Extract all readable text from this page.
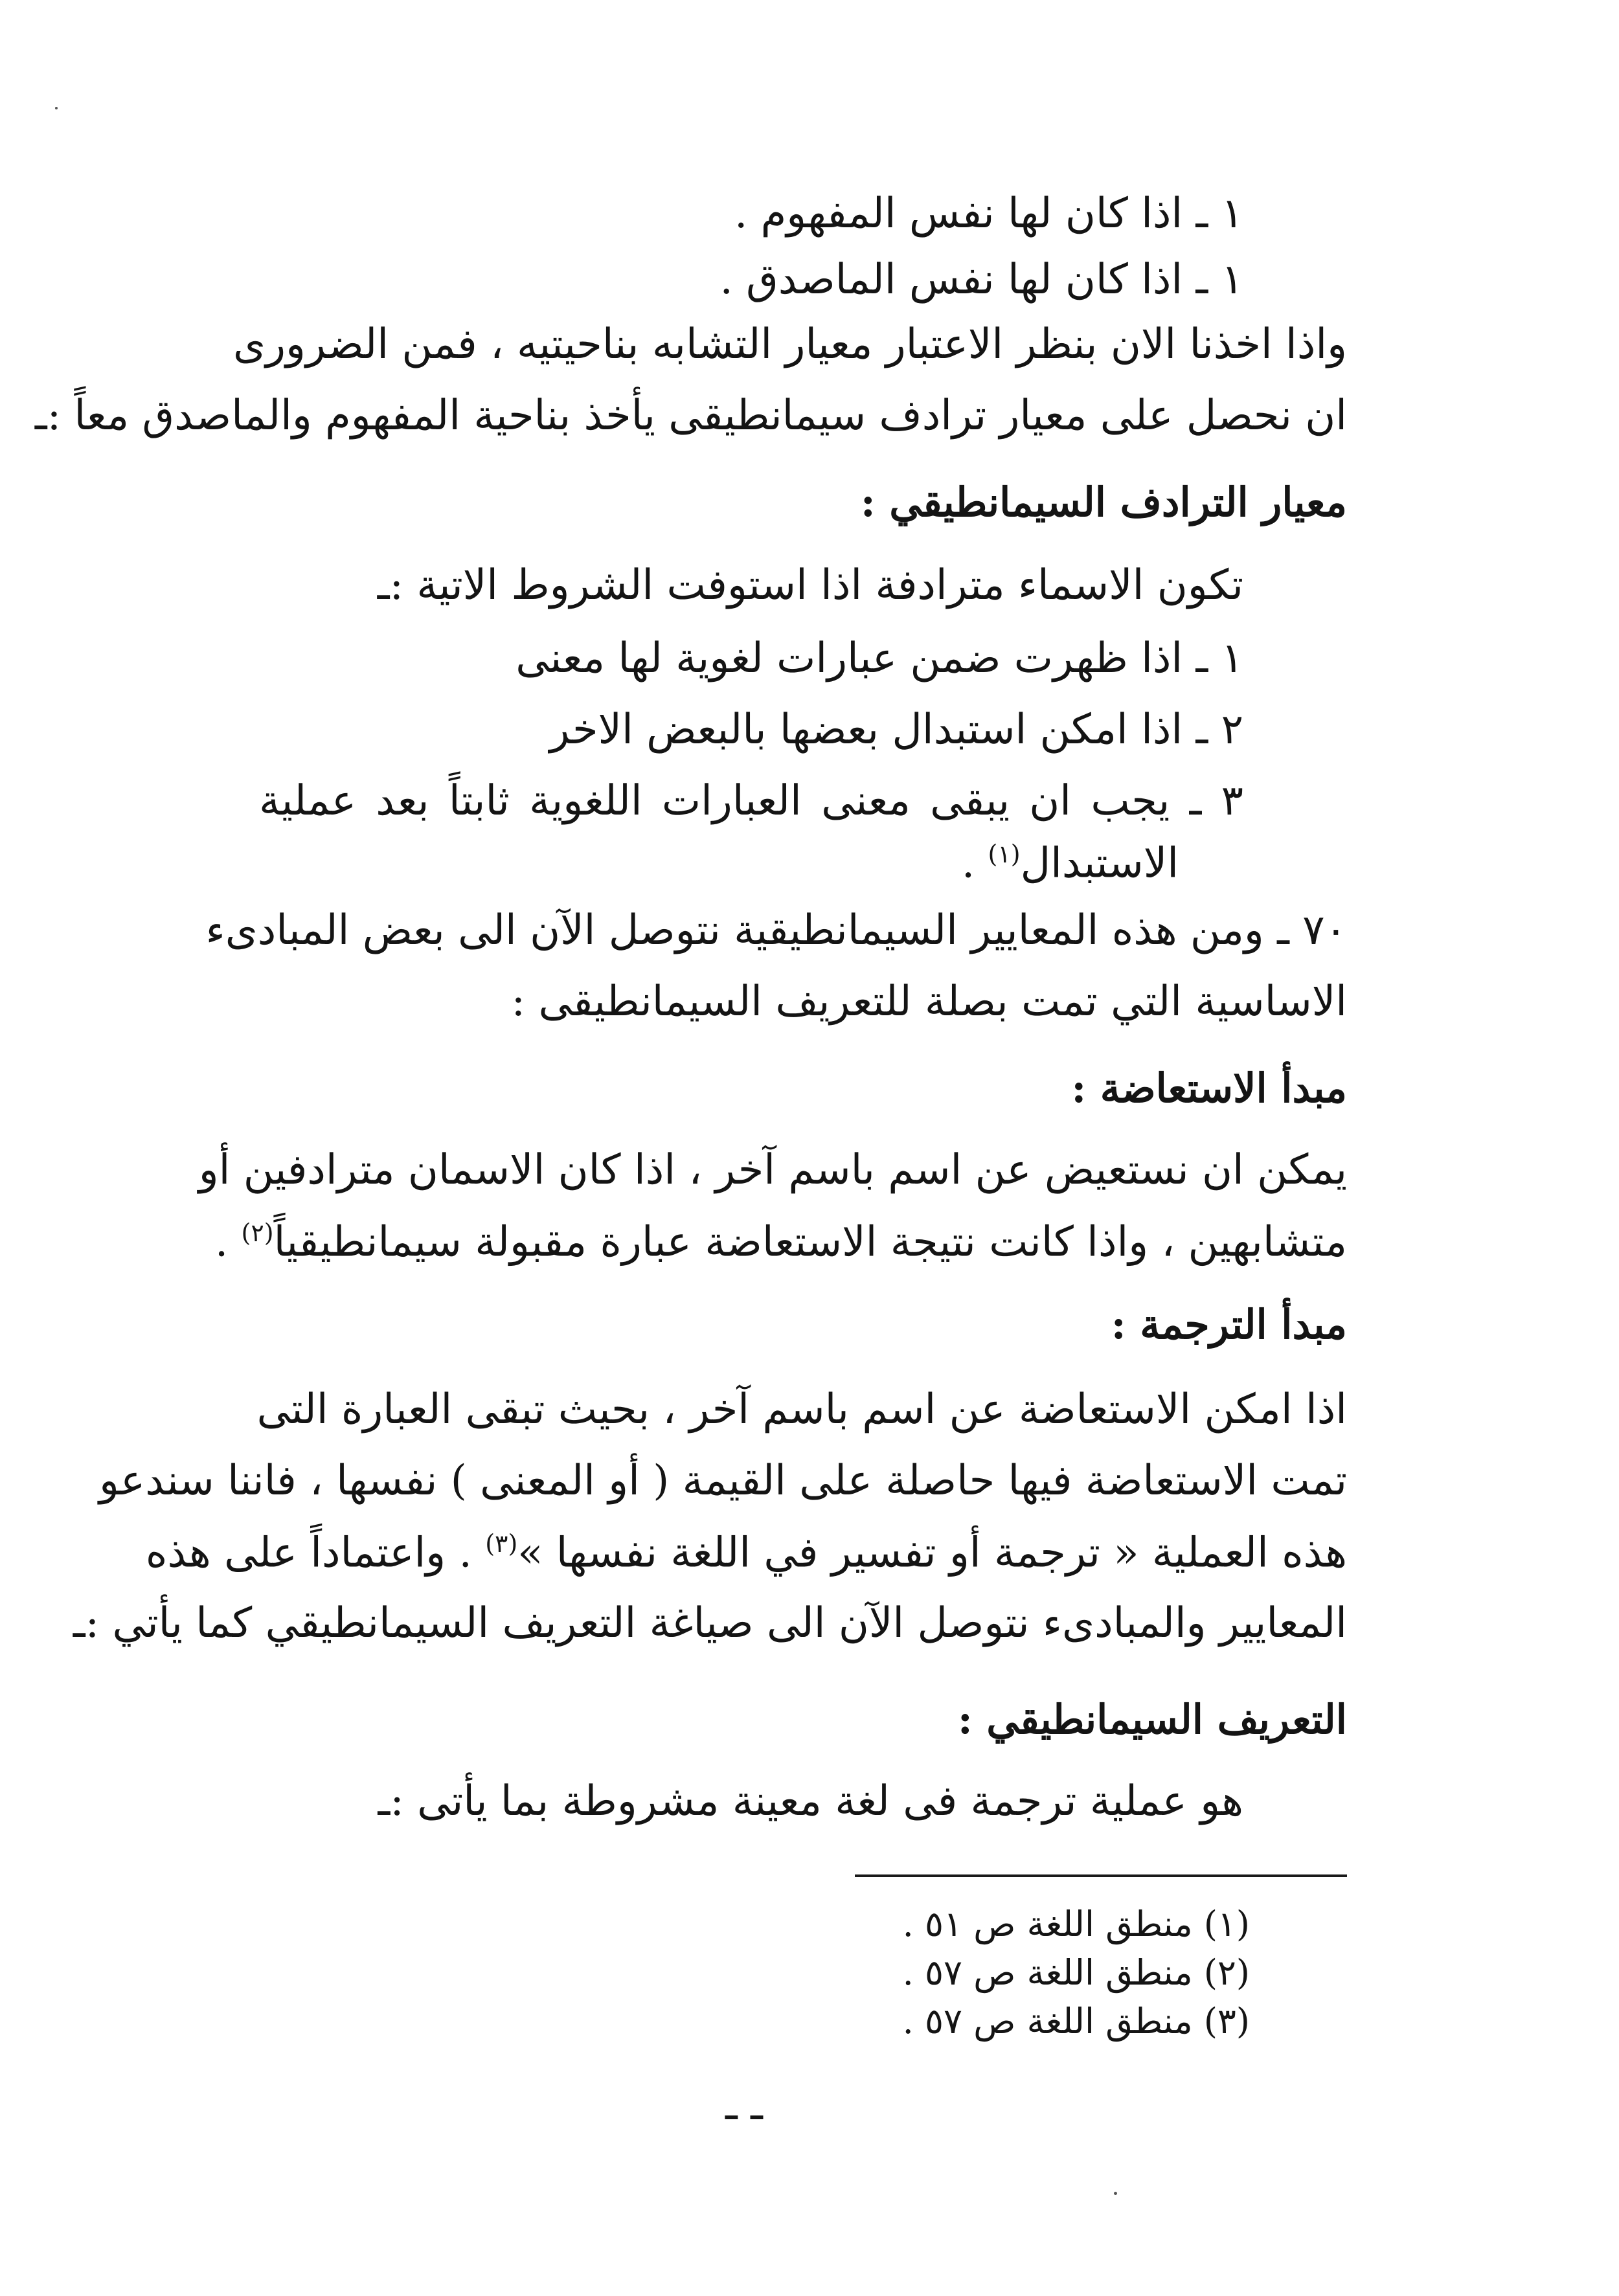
١ ـ اذا كان لها نفس المفهوم .
١ ـ اذا كان لها نفس الماصدق .
واذا اخذنا الان بنظر الاعتبار معيار التشابه بناحيتيه ، فمن الضرورى
ان نحصل على معيار ترادف سيمانطيقى يأخذ بناحية المفهوم والماصدق معاً :ـ
معيار الترادف السيمانطيقي :
تكون الاسماء مترادفة اذا استوفت الشروط الاتية :ـ
١ ـ اذا ظهرت ضمن عبارات لغوية لها معنى
٢ ـ اذا امكن استبدال بعضها بالبعض الاخر
٣ ـ يجب ان يبقى معنى العبارات اللغوية ثابتاً بعد عملية
الاستبدال$^{(١)}$ .
٧٠ ـ ومن هذه المعايير السيمانطيقية نتوصل الآن الى بعض المبادىء
الاساسية التي تمت بصلة للتعريف السيمانطيقى :
مبدأ الاستعاضة :
يمكن ان نستعيض عن اسم باسم آخر ، اذا كان الاسمان مترادفين أو
متشابهين ، واذا كانت نتيجة الاستعاضة عبارة مقبولة سيمانطيقياً$^{(٢)}$ .
مبدأ الترجمة :
اذا امكن الاستعاضة عن اسم باسم آخر ، بحيث تبقى العبارة التى
تمت الاستعاضة فيها حاصلة على القيمة ( أو المعنى ) نفسها ، فاننا سندعو
هذه العملية « ترجمة أو تفسير في اللغة نفسها »$^{(٣)}$ . واعتماداً على هذه
المعايير والمبادىء نتوصل الآن الى صياغة التعريف السيمانطيقي كما يأتي :ـ
التعريف السيمانطيقي :
هو عملية ترجمة فى لغة معينة مشروطة بما يأتى :ـ
(١) منطق اللغة ص ٥١ .
(٢) منطق اللغة ص ٥٧ .
(٣) منطق اللغة ص ٥٧ .
ـ ـ
